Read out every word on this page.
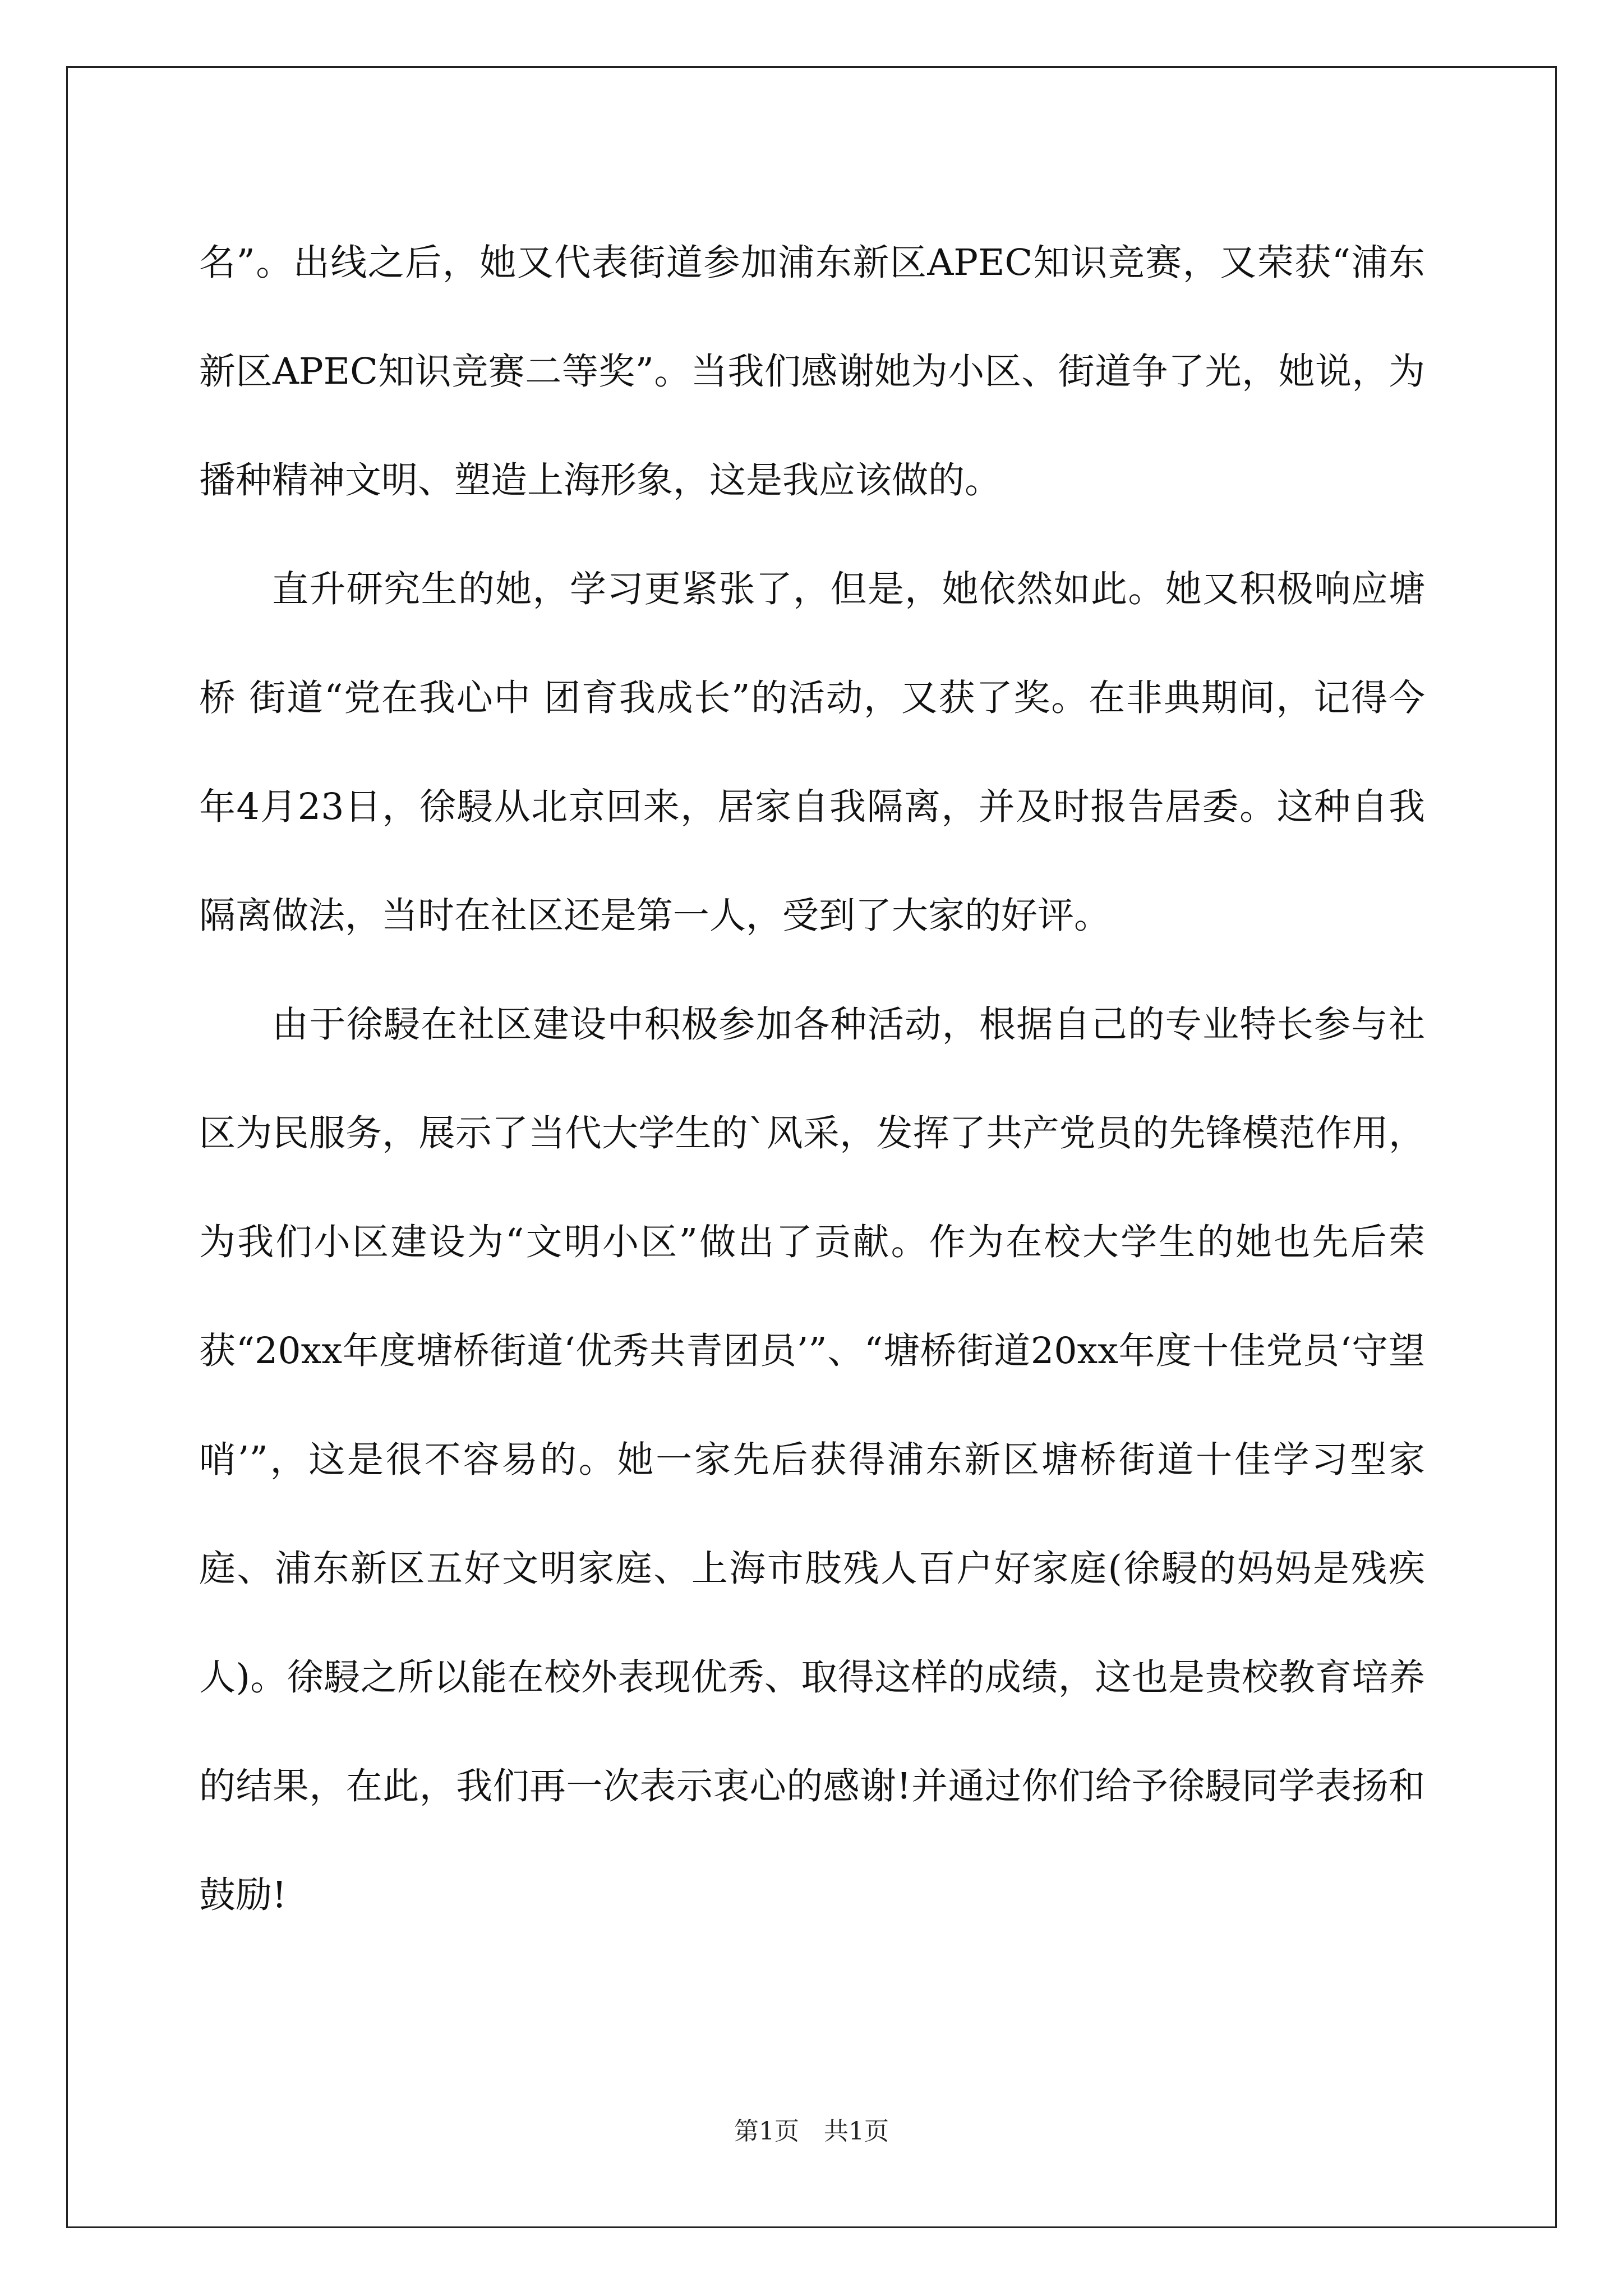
名”。出线之后，她又代表街道参加浦东新区APEC知识竞赛，又荣获“浦东新区APEC知识竞赛二等奖”。当我们感谢她为小区、街道争了光，她说，为播种精神文明、塑造上海形象，这是我应该做的。

直升研究生的她，学习更紧张了，但是，她依然如此。她又积极响应塘桥 街道“党在我心中 团育我成长”的活动，又获了奖。在非典期间，记得今年4月23日，徐駸从北京回来，居家自我隔离，并及时报告居委。这种自我隔离做法，当时在社区还是第一人，受到了大家的好评。

由于徐駸在社区建设中积极参加各种活动，根据自己的专业特长参与社区为民服务，展示了当代大学生的`风采，发挥了共产党员的先锋模范作用，为我们小区建设为“文明小区”做出了贡献。作为在校大学生的她也先后荣获“20xx年度塘桥街道‘优秀共青团员’”、“塘桥街道20xx年度十佳党员‘守望哨’”，这是很不容易的。她一家先后获得浦东新区塘桥街道十佳学习型家庭、浦东新区五好文明家庭、上海市肢残人百户好家庭(徐駸的妈妈是残疾人)。徐駸之所以能在校外表现优秀、取得这样的成绩，这也是贵校教育培养的结果，在此，我们再一次表示衷心的感谢!并通过你们给予徐駸同学表扬和鼓励!

第1页　共1页
